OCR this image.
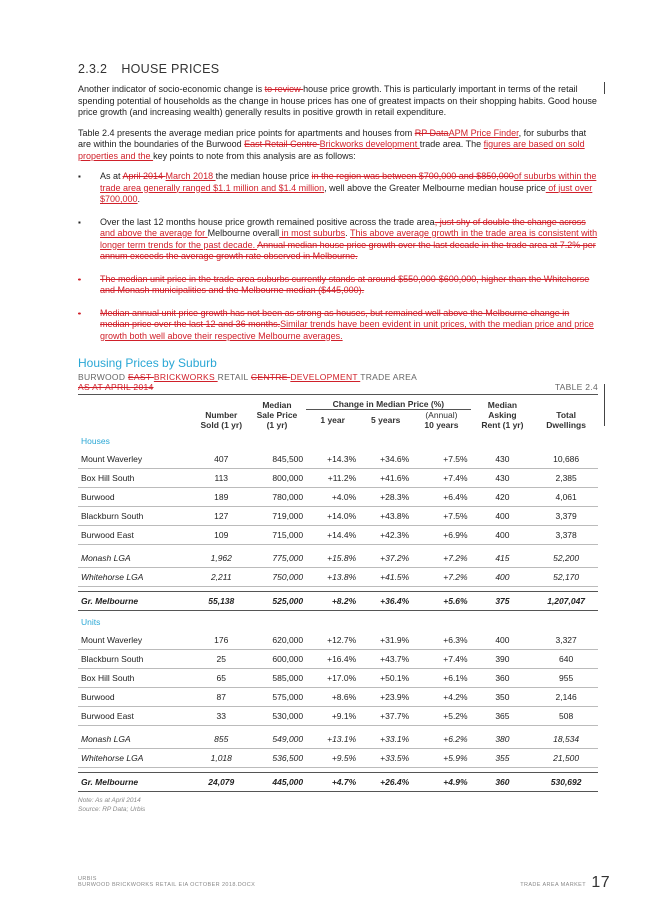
2.3.2 HOUSE PRICES

Another indicator of socio-economic change is to review house price growth. This is particularly important in terms of the retail spending potential of households as the change in house prices has one of greatest impacts on their shopping habits. Good house price growth (and increasing wealth) generally results in positive growth in retail expenditure.

Table 2.4 presents the average median price points for apartments and houses from RP DataAPM Price Finder, for suburbs that are within the boundaries of the Burwood East Retail Centre Brickworks development trade area. The figures are based on sold properties and the key points to note from this analysis are as follows:

▪ As at April 2014 March 2018 the median house price in the region was between $700,000 and $850,000of suburbs within the trade area generally ranged $1.1 million and $1.4 million, well above the Greater Melbourne median house price of just over $700,000.
▪ Over the last 12 months house price growth remained positive across the trade area, just shy of double the change across and above the average for Melbourne overall in most suburbs. This above average growth in the trade area is consistent with longer term trends for the past decade. Annual median house price growth over the last decade in the trade area at 7.2% per annum exceeds the average growth rate observed in Melbourne.
▪ The median unit price in the trade area suburbs currently stands at around $550,000-$600,000, higher than the Whitehorse and Monash municipalities and the Melbourne median ($445,000).
▪ Median annual unit price growth has not been as strong as houses, but remained well above the Melbourne change in median price over the last 12 and 36 months.Similar trends have been evident in unit prices, with the median price and price growth both well above their respective Melbourne averages.
Housing Prices by Suburb
BURWOOD EAST BRICKWORKS RETAIL CENTRE DEVELOPMENT TRADE AREA
AS AT APRIL 2014	TABLE 2.4
		Median	Change in Median Price (%)			Median	
	Number	Sale Price	1 year	5 years	(Annual)	Asking	Total
	Sold (1 yr)	(1 yr)			10 years	Rent (1 yr)	Dwellings
Houses							
Mount Waverley	407	845,500	+14.3%	+34.6%	+7.5%	430	10,686
Box Hill South	113	800,000	+11.2%	+41.6%	+7.4%	430	2,385
Burwood	189	780,000	+4.0%	+28.3%	+6.4%	420	4,061
Blackburn South	127	719,000	+14.0%	+43.8%	+7.5%	400	3,379
Burwood East	109	715,000	+14.4%	+42.3%	+6.9%	400	3,378

Monash LGA	1,962	775,000	+15.8%	+37.2%	+7.2%	415	52,200
Whitehorse LGA	2,211	750,000	+13.8%	+41.5%	+7.2%	400	52,170

Gr. Melbourne	55,138	525,000	+8.2%	+36.4%	+5.6%	375	1,207,047
Units							
Mount Waverley	176	620,000	+12.7%	+31.9%	+6.3%	400	3,327
Blackburn South	25	600,000	+16.4%	+43.7%	+7.4%	390	640
Box Hill South	65	585,000	+17.0%	+50.1%	+6.1%	360	955
Burwood	87	575,000	+8.6%	+23.9%	+4.2%	350	2,146
Burwood East	33	530,000	+9.1%	+37.7%	+5.2%	365	508

Monash LGA	855	549,000	+13.1%	+33.1%	+6.2%	380	18,534
Whitehorse LGA	1,018	536,500	+9.5%	+33.5%	+5.9%	355	21,500

Gr. Melbourne	24,079	445,000	+4.7%	+26.4%	+4.9%	360	530,692
Note: As at April 2014
Source: RP Data; Urbis
URBIS
BURWOOD BRICKWORKS RETAIL EIA OCTOBER 2018.DOCX	TRADE AREA MARKET 17
